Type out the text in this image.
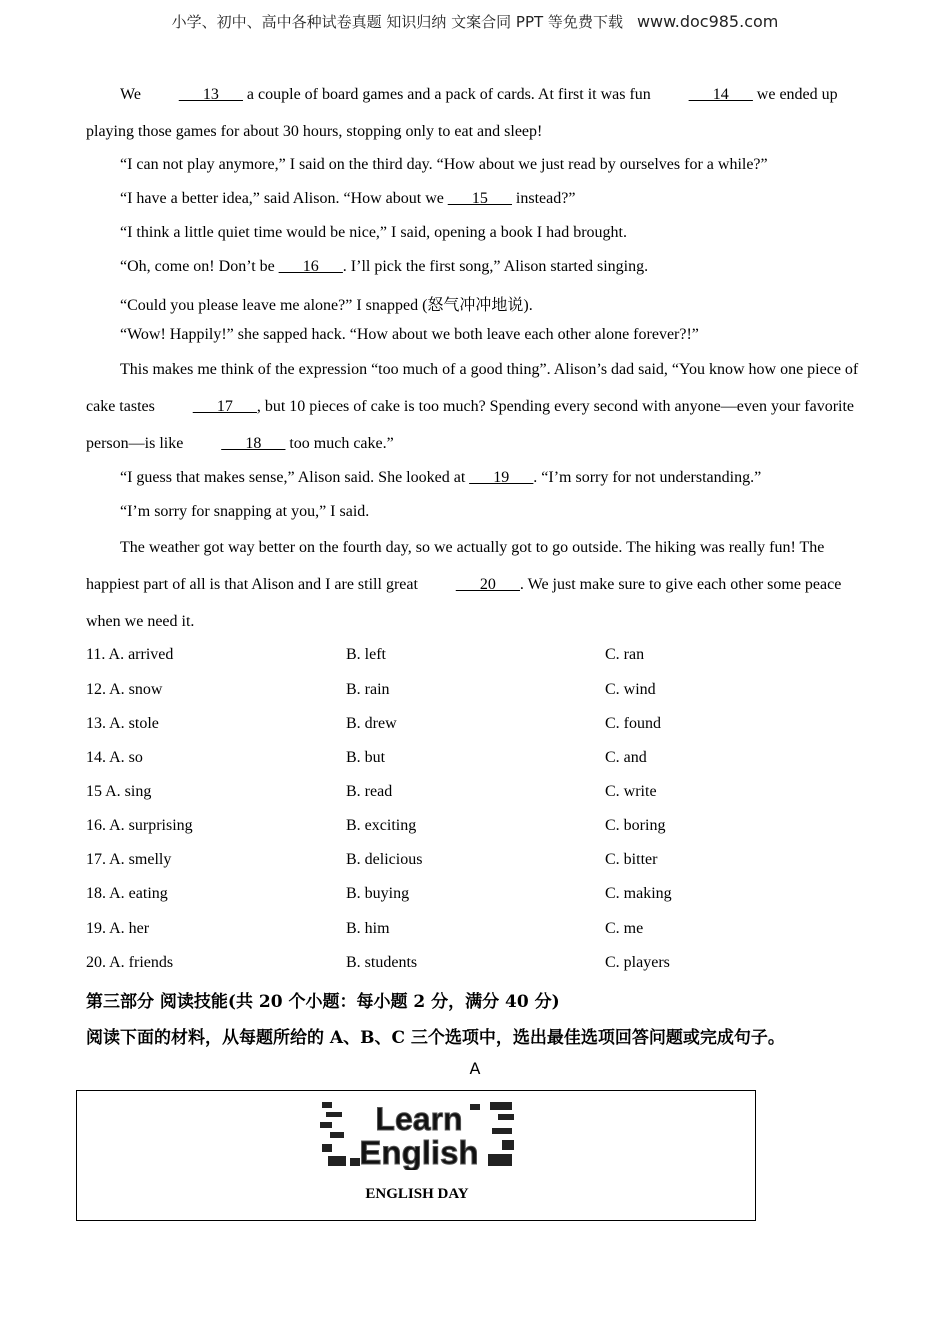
小学、初中、高中各种试卷真题 知识归纳 文案合同 PPT 等免费下载 www.doc985.com

We ___13___ a couple of board games and a pack of cards. At first it was fun ___14___ we ended up playing those games for about 30 hours, stopping only to eat and sleep!

“I can not play anymore,” I said on the third day. “How about we just read by ourselves for a while?”
“I have a better idea,” said Alison. “How about we ___15___ instead?”
“I think a little quiet time would be nice,” I said, opening a book I had brought.
“Oh, come on! Don’t be ___16___. I’ll pick the first song,” Alison started singing.
“Could you please leave me alone?” I snapped (怒气冲冲地说).
“Wow! Happily!” she sapped hack. “How about we both leave each other alone forever?!”

This makes me think of the expression “too much of a good thing”. Alison’s dad said, “You know how one piece of cake tastes ___17___, but 10 pieces of cake is too much? Spending every second with anyone—even your favorite person—is like ___18___ too much cake.”

“I guess that makes sense,” Alison said. She looked at ___19___. “I’m sorry for not understanding.”
“I’m sorry for snapping at you,” I said.

The weather got way better on the fourth day, so we actually got to go outside. The hiking was really fun! The happiest part of all is that Alison and I are still great ___20___. We just make sure to give each other some peace when we need it.

11. A. arrived	B. left	C. ran
12. A. snow	B. rain	C. wind
13. A. stole	B. drew	C. found
14. A. so	B. but	C. and
15 A. sing	B. read	C. write
16. A. surprising	B. exciting	C. boring
17. A. smelly	B. delicious	C. bitter
18. A. eating	B. buying	C. making
19. A. her	B. him	C. me
20. A. friends	B. students	C. players
第三部分 阅读技能(共 20 个小题：每小题 2 分，满分 40 分)
阅读下面的材料，从每题所给的 A、B、C 三个选项中，选出最佳选项回答问题或完成句子。
A
Learn
English
ENGLISH DAY
